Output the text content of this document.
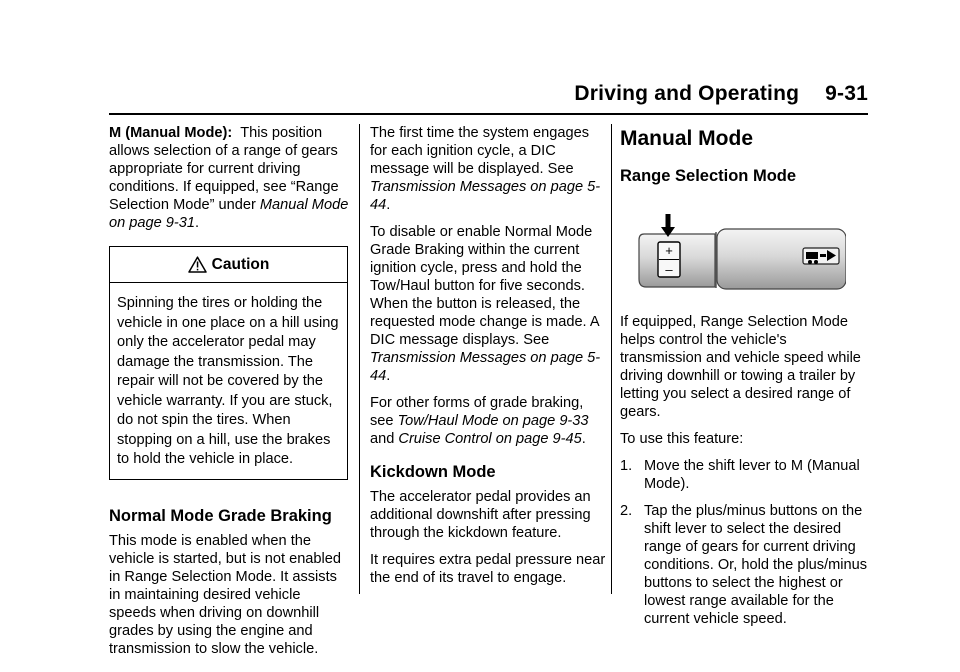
Driving and Operating 9-31

M (Manual Mode): This position allows selection of a range of gears appropriate for current driving conditions. If equipped, see “Range Selection Mode” under Manual Mode on page 9-31.

Caution
Spinning the tires or holding the vehicle in one place on a hill using only the accelerator pedal may damage the transmission. The repair will not be covered by the vehicle warranty. If you are stuck, do not spin the tires. When stopping on a hill, use the brakes to hold the vehicle in place.
Normal Mode Grade Braking

This mode is enabled when the vehicle is started, but is not enabled in Range Selection Mode. It assists in maintaining desired vehicle speeds when driving on downhill grades by using the engine and transmission to slow the vehicle.

The first time the system engages for each ignition cycle, a DIC message will be displayed. See Transmission Messages on page 5-44.

To disable or enable Normal Mode Grade Braking within the current ignition cycle, press and hold the Tow/Haul button for five seconds. When the button is released, the requested mode change is made. A DIC message displays. See Transmission Messages on page 5-44.

For other forms of grade braking, see Tow/Haul Mode on page 9-33 and Cruise Control on page 9-45.

Kickdown Mode

The accelerator pedal provides an additional downshift after pressing through the kickdown feature.

It requires extra pedal pressure near the end of its travel to engage.

Manual Mode
Range Selection Mode
+
–

If equipped, Range Selection Mode helps control the vehicle's transmission and vehicle speed while driving downhill or towing a trailer by letting you select a desired range of gears.

To use this feature:

1. Move the shift lever to M (Manual Mode).
2. Tap the plus/minus buttons on the shift lever to select the desired range of gears for current driving conditions. Or, hold the plus/minus buttons to select the highest or lowest range available for the current vehicle speed.
